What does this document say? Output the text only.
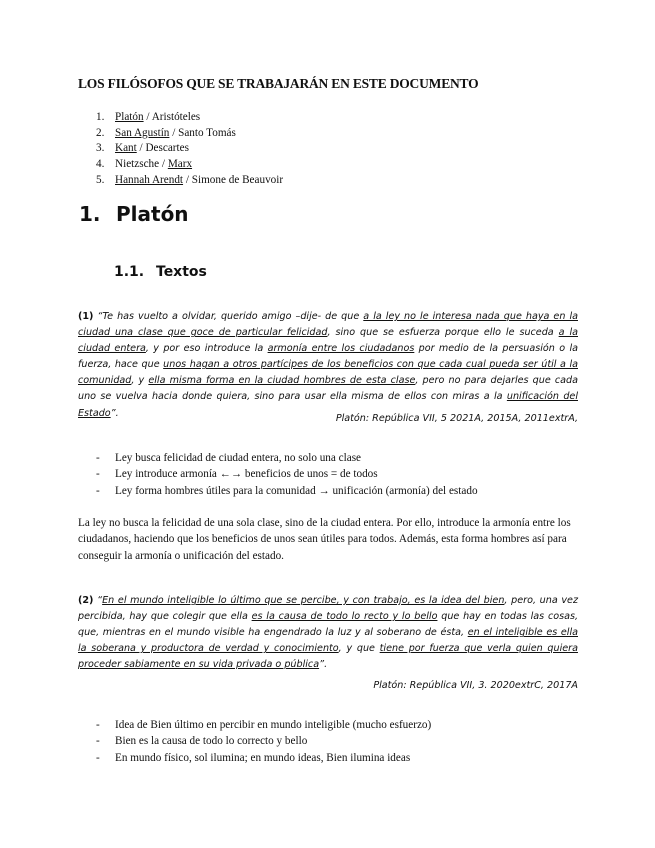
LOS FILÓSOFOS QUE SE TRABAJARÁN EN ESTE DOCUMENTO
1. Platón / Aristóteles
2. San Agustín / Santo Tomás
3. Kant / Descartes
4. Nietzsche / Marx
5. Hannah Arendt / Simone de Beauvoir
1. Platón
1.1. Textos
(1) “Te has vuelto a olvidar, querido amigo –dije- de que a la ley no le interesa nada que haya en la ciudad una clase que goce de particular felicidad, sino que se esfuerza porque ello le suceda a la ciudad entera, y por eso introduce la armonía entre los ciudadanos por medio de la persuasión o la fuerza, hace que unos hagan a otros partícipes de los beneficios con que cada cual pueda ser útil a la comunidad, y ella misma forma en la ciudad hombres de esta clase, pero no para dejarles que cada uno se vuelva hacia donde quiera, sino para usar ella misma de ellos con miras a la unificación del Estado”.	Platón: República VII, 5 2021A, 2015A, 2011extrA,
- Ley busca felicidad de ciudad entera, no solo una clase
- Ley introduce armonía ←→ beneficios de unos = de todos
- Ley forma hombres útiles para la comunidad → unificación (armonía) del estado
La ley no busca la felicidad de una sola clase, sino de la ciudad entera. Por ello, introduce la armonía entre los ciudadanos, haciendo que los beneficios de unos sean útiles para todos. Además, esta forma hombres así para conseguir la armonía o unificación del estado.
(2) “En el mundo inteligible lo último que se percibe, y con trabajo, es la idea del bien, pero, una vez percibida, hay que colegir que ella es la causa de todo lo recto y lo bello que hay en todas las cosas, que, mientras en el mundo visible ha engendrado la luz y al soberano de ésta, en el inteligible es ella la soberana y productora de verdad y conocimiento, y que tiene por fuerza que verla quien quiera proceder sabiamente en su vida privada o pública”.
Platón: República VII, 3. 2020extrC, 2017A
- Idea de Bien último en percibir en mundo inteligible (mucho esfuerzo)
- Bien es la causa de todo lo correcto y bello
- En mundo físico, sol ilumina; en mundo ideas, Bien ilumina ideas
